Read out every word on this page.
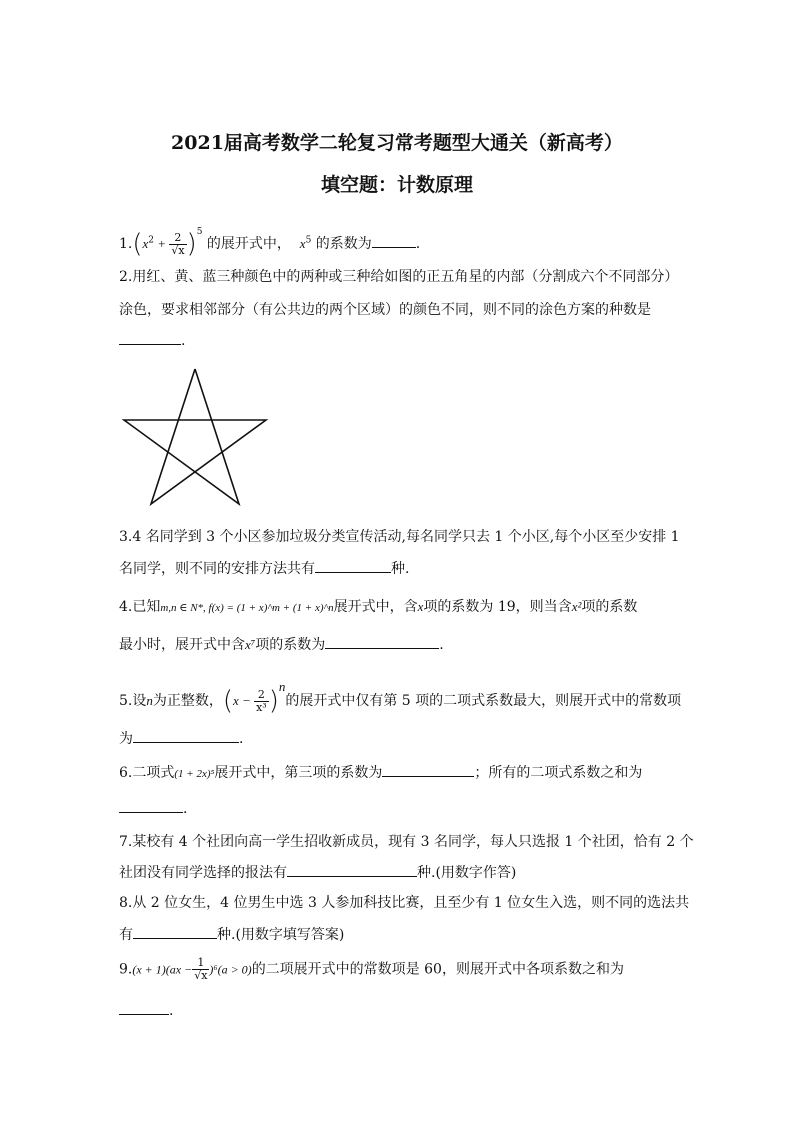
2021届高考数学二轮复习常考题型大通关（新高考）
填空题：计数原理
$1.(x^2 + \frac{2}{√x} )^5$ 的展开式中， $x^5$ 的系数为	.
2.用红、黄、蓝三种颜色中的两种或三种给如图的正五角星的内部（分割成六个不同部分）
涂色，要求相邻部分（有公共边的两个区域）的颜色不同，则不同的涂色方案的种数是
.
3.4 名同学到 3 个小区参加垃圾分类宣传活动,每名同学只去 1 个小区,每个小区至少安排 1
名同学，则不同的安排方法共有	种.
4.已知m,n ∈ N*, f(x) = (1 + x)^m + (1 + x)^n展开式中，含x项的系数为 19，则当含x²项的系数
最小时，展开式中含x⁷项的系数为	.
5.设n为正整数，$(x - \frac{2}{\text{x³}} )^n$的展开式中仅有第 5 项的二项式系数最大，则展开式中的常数项
为	.
6.二项式(1 + 2x)⁵展开式中，第三项的系数为	；所有的二项式系数之和为
.
7.某校有 4 个社团向高一学生招收新成员，现有 3 名同学，每人只选报 1 个社团，恰有 2 个
社团没有同学选择的报法有	种.(用数字作答)
8.从 2 位女生，4 位男生中选 3 人参加科技比赛，且至少有 1 位女生入选，则不同的选法共
有	种.(用数字填写答案)
$9.(x + 1)(ax - \frac{1}{√x} )^6(a > 0)$的二项展开式中的常数项是 60，则展开式中各项系数之和为
.
